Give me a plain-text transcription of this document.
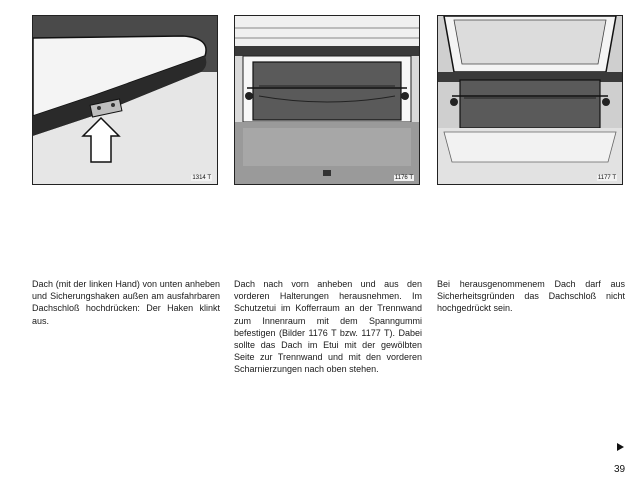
1314 T	1176 T	1177 T
Dach (mit der linken Hand) von unten anheben und Sicherungshaken außen am ausfahrbaren Dachschloß hochdrücken: Der Haken klinkt aus.
Dach nach vorn anheben und aus den vorderen Halterungen herausnehmen. Im Schutzetui im Kofferraum an der Trennwand zum Innenraum mit dem Spanngummi befestigen (Bilder 1176 T bzw. 1177 T). Dabei sollte das Dach im Etui mit der gewölbten Seite zur Trennwand und mit den vorderen Scharnierzungen nach oben stehen.
Bei herausgenommenem Dach darf aus Sicherheitsgründen das Dachschloß nicht hochgedrückt sein.
39
